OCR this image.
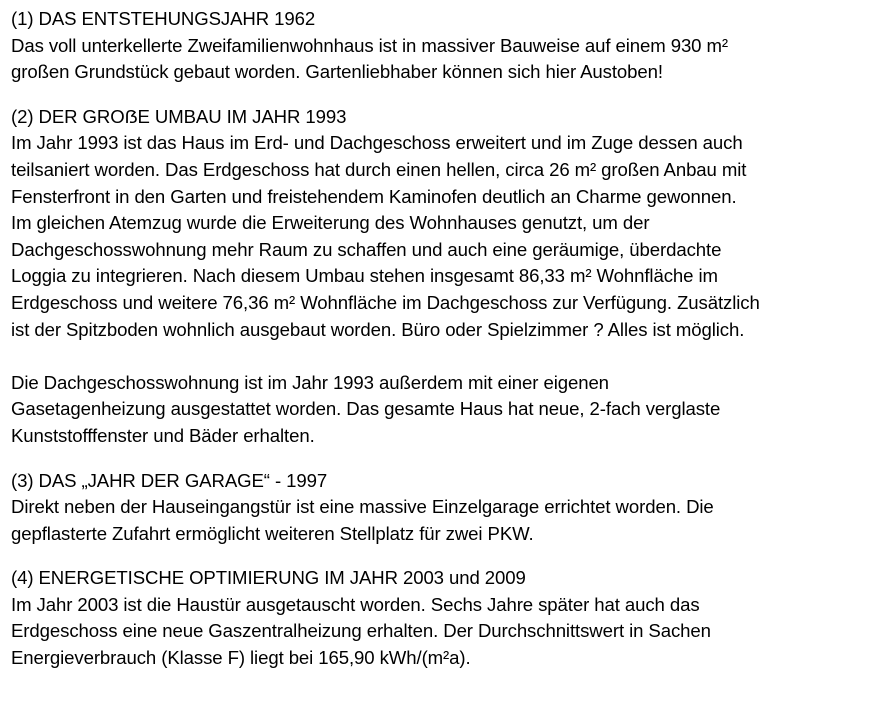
(1) DAS ENTSTEHUNGSJAHR 1962

Das voll unterkellerte Zweifamilienwohnhaus ist in massiver Bauweise auf einem 930 m²
großen Grundstück gebaut worden. Gartenliebhaber können sich hier Austoben!

(2) DER GROẞE UMBAU IM JAHR 1993

Im Jahr 1993 ist das Haus im Erd- und Dachgeschoss erweitert und im Zuge dessen auch
teilsaniert worden. Das Erdgeschoss hat durch einen hellen, circa 26 m² großen Anbau mit
Fensterfront in den Garten und freistehendem Kaminofen deutlich an Charme gewonnen.
Im gleichen Atemzug wurde die Erweiterung des Wohnhauses genutzt, um der
Dachgeschosswohnung mehr Raum zu schaffen und auch eine geräumige, überdachte
Loggia zu integrieren. Nach diesem Umbau stehen insgesamt 86,33 m² Wohnfläche im
Erdgeschoss und weitere 76,36 m² Wohnfläche im Dachgeschoss zur Verfügung. Zusätzlich
ist der Spitzboden wohnlich ausgebaut worden. Büro oder Spielzimmer ? Alles ist möglich.

Die Dachgeschosswohnung ist im Jahr 1993 außerdem mit einer eigenen
Gasetagenheizung ausgestattet worden. Das gesamte Haus hat neue, 2-fach verglaste
Kunststofffenster und Bäder erhalten.

(3) DAS „JAHR DER GARAGE“ - 1997

Direkt neben der Hauseingangstür ist eine massive Einzelgarage errichtet worden. Die
gepflasterte Zufahrt ermöglicht weiteren Stellplatz für zwei PKW.

(4) ENERGETISCHE OPTIMIERUNG IM JAHR 2003 und 2009

Im Jahr 2003 ist die Haustür ausgetauscht worden. Sechs Jahre später hat auch das
Erdgeschoss eine neue Gaszentralheizung erhalten. Der Durchschnittswert in Sachen
Energieverbrauch (Klasse F) liegt bei 165,90 kWh/(m²a).
